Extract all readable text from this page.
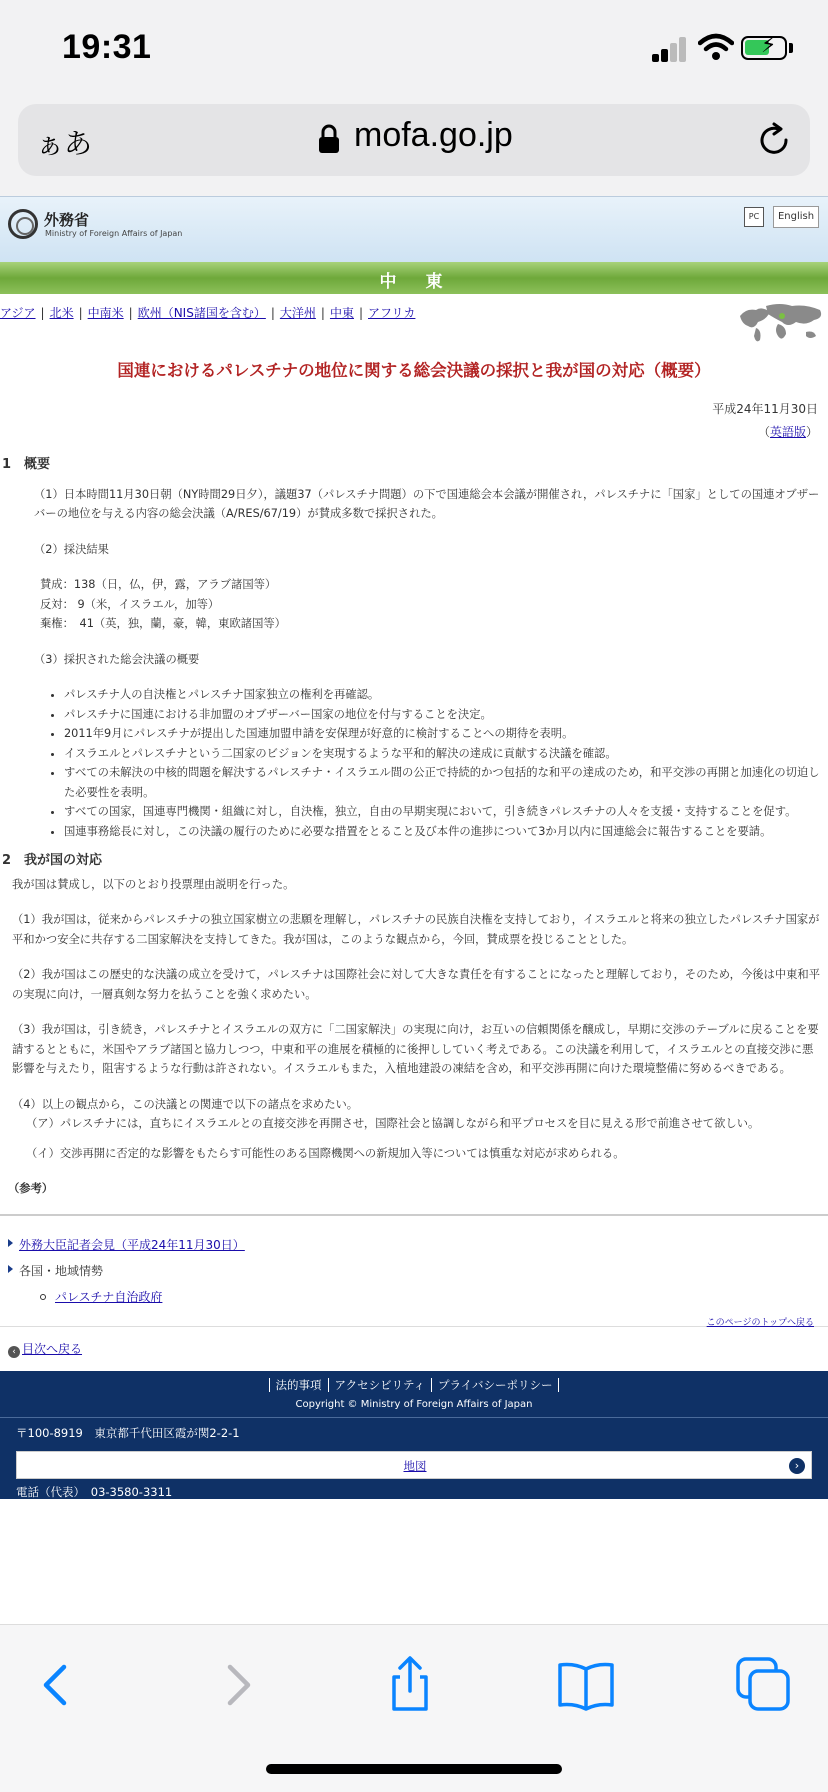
19:31	⚡
ぁあ	mofa.go.jp
外務省
Ministry of Foreign Affairs of Japan
PC	English
中　東
アジア | 北米 | 中南米 | 欧州（NIS諸国を含む） | 大洋州 | 中東 | アフリカ
国連におけるパレスチナの地位に関する総会決議の採択と我が国の対応（概要）
平成24年11月30日
（英語版）
1　概要
（1）日本時間11月30日朝（NY時間29日夕），議題37（パレスチナ問題）の下で国連総会本会議が開催され，パレスチナに「国家」としての国連オブザーバーの地位を与える内容の総会決議（A/RES/67/19）が賛成多数で採択された。
（2）採決結果
賛成：138（日，仏，伊，露，アラブ諸国等）
反対： 9（米，イスラエル，加等）
棄権：　41（英，独，蘭，豪，韓，東欧諸国等）
（3）採択された総会決議の概要
• パレスチナ人の自決権とパレスチナ国家独立の権利を再確認。
• パレスチナに国連における非加盟のオブザーバー国家の地位を付与することを決定。
• 2011年9月にパレスチナが提出した国連加盟申請を安保理が好意的に検討することへの期待を表明。
• イスラエルとパレスチナという二国家のビジョンを実現するような平和的解決の達成に貢献する決議を確認。
• すべての未解決の中核的問題を解決するパレスチナ・イスラエル間の公正で持続的かつ包括的な和平の達成のため，和平交渉の再開と加速化の切迫した必要性を表明。
• すべての国家，国連専門機関・組織に対し，自決権，独立，自由の早期実現において，引き続きパレスチナの人々を支援・支持することを促す。
• 国連事務総長に対し，この決議の履行のために必要な措置をとること及び本件の進捗について3か月以内に国連総会に報告することを要請。
2　我が国の対応
我が国は賛成し，以下のとおり投票理由説明を行った。
（1）我が国は，従来からパレスチナの独立国家樹立の悲願を理解し，パレスチナの民族自決権を支持しており，イスラエルと将来の独立したパレスチナ国家が平和かつ安全に共存する二国家解決を支持してきた。我が国は，このような観点から，今回，賛成票を投じることとした。
（2）我が国はこの歴史的な決議の成立を受けて，パレスチナは国際社会に対して大きな責任を有することになったと理解しており，そのため，今後は中東和平の実現に向け，一層真剣な努力を払うことを強く求めたい。
（3）我が国は，引き続き，パレスチナとイスラエルの双方に「二国家解決」の実現に向け，お互いの信頼関係を醸成し，早期に交渉のテーブルに戻ることを要請するとともに，米国やアラブ諸国と協力しつつ，中東和平の進展を積極的に後押ししていく考えである。この決議を利用して，イスラエルとの直接交渉に悪影響を与えたり，阻害するような行動は許されない。イスラエルもまた，入植地建設の凍結を含め，和平交渉再開に向けた環境整備に努めるべきである。
（4）以上の観点から，この決議との関連で以下の諸点を求めたい。
（ア）パレスチナには，直ちにイスラエルとの直接交渉を再開させ，国際社会と協調しながら和平プロセスを目に見える形で前進させて欲しい。
（イ）交渉再開に否定的な影響をもたらす可能性のある国際機関への新規加入等については慎重な対応が求められる。
（参考）
外務大臣記者会見（平成24年11月30日）
各国・地域情勢
パレスチナ自治政府
このページのトップへ戻る
‹ 目次へ戻る
法的事項 アクセシビリティ プライバシーポリシー
Copyright © Ministry of Foreign Affairs of Japan
〒100-8919　東京都千代田区霞が関2-2-1
地図	›
電話（代表）　03-3580-3311
